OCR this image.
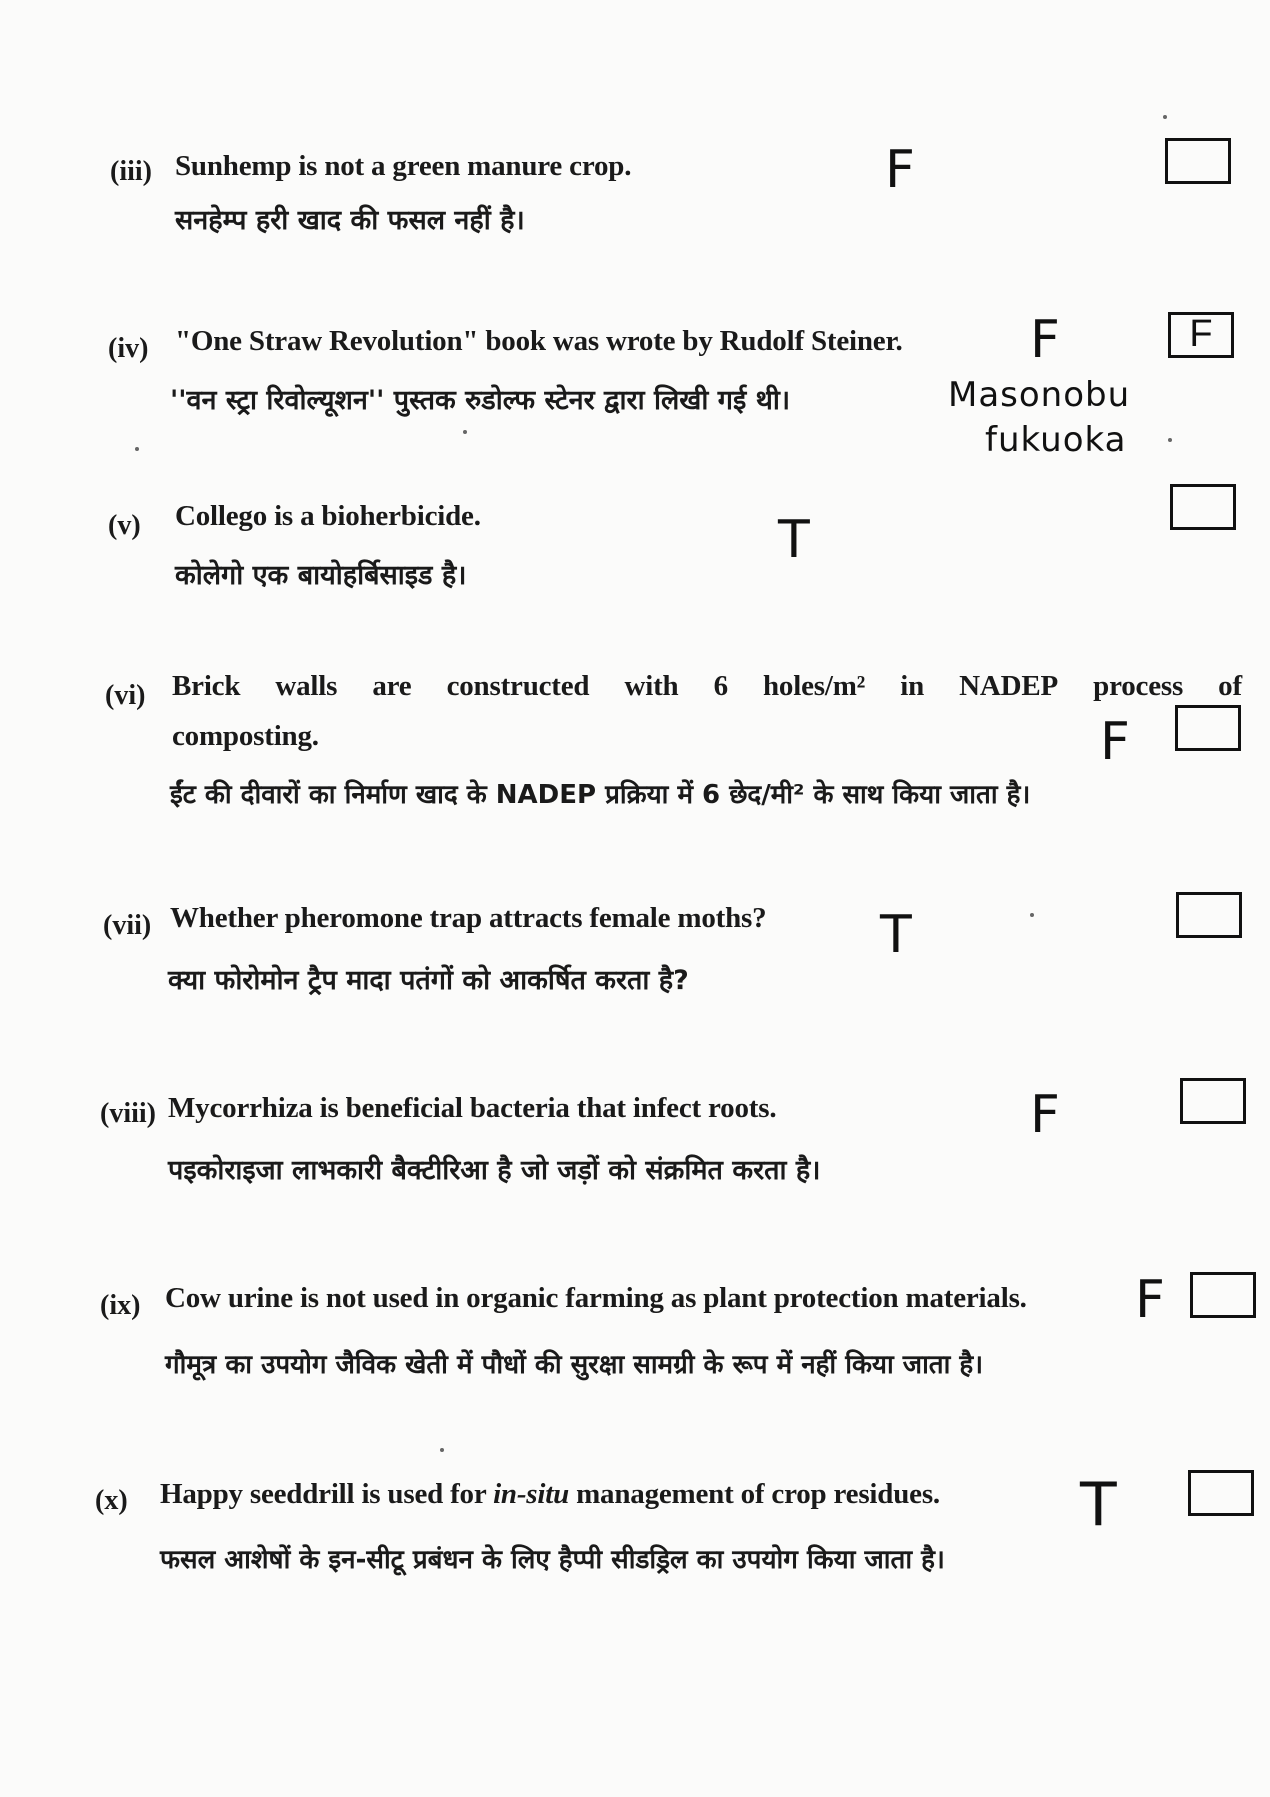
(iii) Sunhemp is not a green manure crop.
सनहेम्प हरी खाद की फसल नहीं है।
F
(iv) "One Straw Revolution" book was wrote by Rudolf Steiner.
''वन स्ट्रा रिवोल्यूशन'' पुस्तक रुडोल्फ स्टेनर द्वारा लिखी गई थी।
F
Masonobu
fukuoka
F
(v) Collego is a bioherbicide.
कोलेगो एक बायोहर्बिसाइड है।
T
(vi) Brick walls are constructed with 6 holes/m² in NADEP process of
composting.
ईंट की दीवारों का निर्माण खाद के NADEP प्रक्रिया में 6 छेद/मी² के साथ किया जाता है।
F
(vii) Whether pheromone trap attracts female moths?
क्या फोरोमोन ट्रैप मादा पतंगों को आकर्षित करता है?
T
(viii) Mycorrhiza is beneficial bacteria that infect roots.
पइकोराइजा लाभकारी बैक्टीरिआ है जो जड़ों को संक्रमित करता है।
F
(ix) Cow urine is not used in organic farming as plant protection materials.
गौमूत्र का उपयोग जैविक खेती में पौधों की सुरक्षा सामग्री के रूप में नहीं किया जाता है।
F
(x) Happy seeddrill is used for in-situ management of crop residues.
फसल आशेषों के इन-सीटू प्रबंधन के लिए हैप्पी सीडड्रिल का उपयोग किया जाता है।
T
